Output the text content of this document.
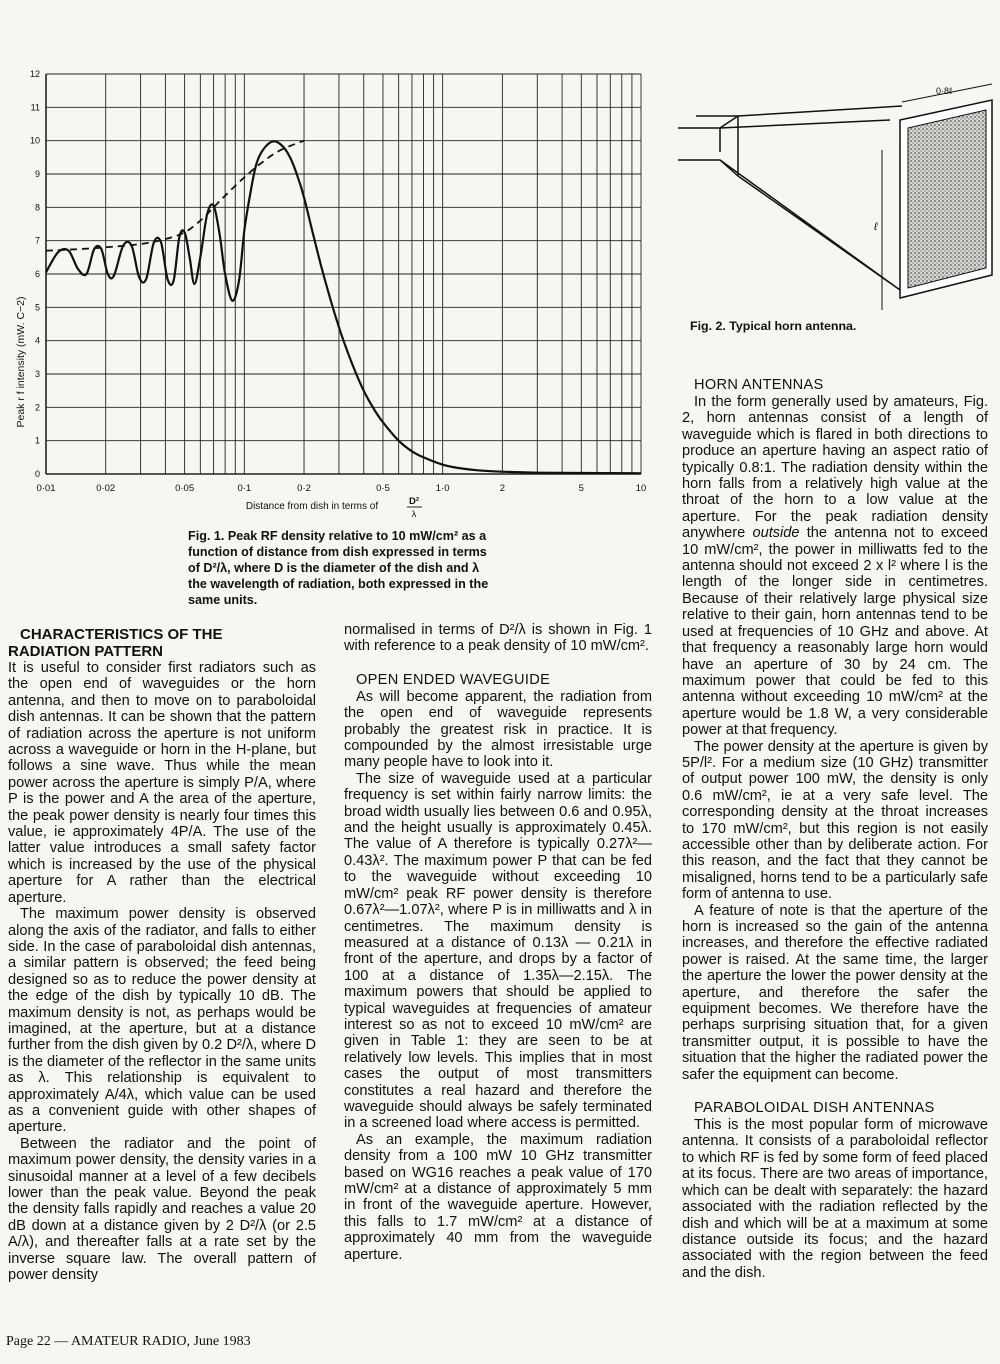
0·01	0·02	0·05	0·1	0·2	0·5	1·0	2	5	10
0
1
2
3
4
5
6
7
8
9
10
11
12
Peak r f intensity (mW. C−2)
Distance from dish in terms of	D²
λ
Fig. 1. Peak RF density relative to 10 mW/cm² as a function of distance from dish expressed in terms of D²/λ, where D is the diameter of the dish and λ the wavelength of radiation, both expressed in the same units.
0·8ℓ
ℓ
Fig. 2. Typical horn antenna.

CHARACTERISTICS OF THE
RADIATION PATTERN

It is useful to consider first radiators such as the open end of waveguides or the horn antenna, and then to move on to paraboloidal dish antennas. It can be shown that the pattern of radiation across the aperture is not uniform across a waveguide or horn in the H-plane, but follows a sine wave. Thus while the mean power across the aperture is simply P/A, where P is the power and A the area of the aperture, the peak power density is nearly four times this value, ie approximately 4P/A. The use of the latter value introduces a small safety factor which is increased by the use of the physical aperture for A rather than the electrical aperture.

The maximum power density is observed along the axis of the radiator, and falls to either side. In the case of paraboloidal dish antennas, a similar pattern is observed; the feed being designed so as to reduce the power density at the edge of the dish by typically 10 dB. The maximum density is not, as perhaps would be imagined, at the aperture, but at a distance further from the dish given by 0.2 D²/λ, where D is the diameter of the reflector in the same units as λ. This relationship is equivalent to approximately A/4λ, which value can be used as a convenient guide with other shapes of aperture.

Between the radiator and the point of maximum power density, the density varies in a sinusoidal manner at a level of a few decibels lower than the peak value. Beyond the peak the density falls rapidly and reaches a value 20 dB down at a distance given by 2 D²/λ (or 2.5 A/λ), and thereafter falls at a rate set by the inverse square law. The overall pattern of power density

normalised in terms of D²/λ is shown in Fig. 1 with reference to a peak density of 10 mW/cm².

OPEN ENDED WAVEGUIDE

As will become apparent, the radiation from the open end of waveguide represents probably the greatest risk in practice. It is compounded by the almost irresistable urge many people have to look into it.

The size of waveguide used at a particular frequency is set within fairly narrow limits: the broad width usually lies between 0.6 and 0.95λ, and the height usually is approximately 0.45λ. The value of A therefore is typically 0.27λ²—0.43λ². The maximum power P that can be fed to the waveguide without exceeding 10 mW/cm² peak RF power density is therefore 0.67λ²—1.07λ², where P is in milliwatts and λ in centimetres. The maximum density is measured at a distance of 0.13λ — 0.21λ in front of the aperture, and drops by a factor of 100 at a distance of 1.35λ—2.15λ. The maximum powers that should be applied to typical waveguides at frequencies of amateur interest so as not to exceed 10 mW/cm² are given in Table 1: they are seen to be at relatively low levels. This implies that in most cases the output of most transmitters constitutes a real hazard and therefore the waveguide should always be safely terminated in a screened load where access is permitted.

As an example, the maximum radiation density from a 100 mW 10 GHz transmitter based on WG16 reaches a peak value of 170 mW/cm² at a distance of approximately 5 mm in front of the waveguide aperture. However, this falls to 1.7 mW/cm² at a distance of approximately 40 mm from the waveguide aperture.

HORN ANTENNAS

In the form generally used by amateurs, Fig. 2, horn antennas consist of a length of waveguide which is flared in both directions to produce an aperture having an aspect ratio of typically 0.8:1. The radiation density within the horn falls from a relatively high value at the throat of the horn to a low value at the aperture. For the peak radiation density anywhere outside the antenna not to exceed 10 mW/cm², the power in milliwatts fed to the antenna should not exceed 2 x l² where l is the length of the longer side in centimetres. Because of their relatively large physical size relative to their gain, horn antennas tend to be used at frequencies of 10 GHz and above. At that frequency a reasonably large horn would have an aperture of 30 by 24 cm. The maximum power that could be fed to this antenna without exceeding 10 mW/cm² at the aperture would be 1.8 W, a very considerable power at that frequency.

The power density at the aperture is given by 5P/l². For a medium size (10 GHz) transmitter of output power 100 mW, the density is only 0.6 mW/cm², ie at a very safe level. The corresponding density at the throat increases to 170 mW/cm², but this region is not easily accessible other than by deliberate action. For this reason, and the fact that they cannot be misaligned, horns tend to be a particularly safe form of antenna to use.

A feature of note is that the aperture of the horn is increased so the gain of the antenna increases, and therefore the effective radiated power is raised. At the same time, the larger the aperture the lower the power density at the aperture, and therefore the safer the equipment becomes. We therefore have the perhaps surprising situation that, for a given transmitter output, it is possible to have the situation that the higher the radiated power the safer the equipment can become.

PARABOLOIDAL DISH ANTENNAS

This is the most popular form of microwave antenna. It consists of a paraboloidal reflector to which RF is fed by some form of feed placed at its focus. There are two areas of importance, which can be dealt with separately: the hazard associated with the radiation reflected by the dish and which will be at a maximum at some distance outside its focus; and the hazard associated with the region between the feed and the dish.

Page 22 — AMATEUR RADIO, June 1983
